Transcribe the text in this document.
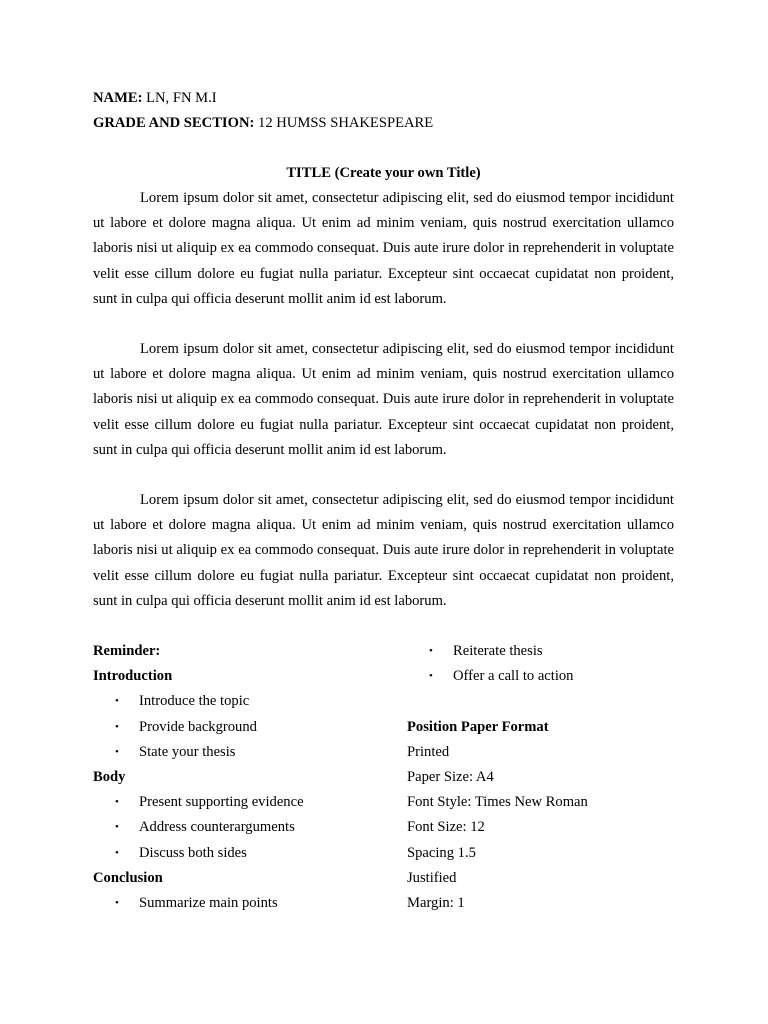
NAME: LN, FN M.I
GRADE AND SECTION: 12 HUMSS SHAKESPEARE
TITLE (Create your own Title)

Lorem ipsum dolor sit amet, consectetur adipiscing elit, sed do eiusmod tempor incididunt ut labore et dolore magna aliqua. Ut enim ad minim veniam, quis nostrud exercitation ullamco laboris nisi ut aliquip ex ea commodo consequat. Duis aute irure dolor in reprehenderit in voluptate velit esse cillum dolore eu fugiat nulla pariatur. Excepteur sint occaecat cupidatat non proident, sunt in culpa qui officia deserunt mollit anim id est laborum.

Lorem ipsum dolor sit amet, consectetur adipiscing elit, sed do eiusmod tempor incididunt ut labore et dolore magna aliqua. Ut enim ad minim veniam, quis nostrud exercitation ullamco laboris nisi ut aliquip ex ea commodo consequat. Duis aute irure dolor in reprehenderit in voluptate velit esse cillum dolore eu fugiat nulla pariatur. Excepteur sint occaecat cupidatat non proident, sunt in culpa qui officia deserunt mollit anim id est laborum.

Lorem ipsum dolor sit amet, consectetur adipiscing elit, sed do eiusmod tempor incididunt ut labore et dolore magna aliqua. Ut enim ad minim veniam, quis nostrud exercitation ullamco laboris nisi ut aliquip ex ea commodo consequat. Duis aute irure dolor in reprehenderit in voluptate velit esse cillum dolore eu fugiat nulla pariatur. Excepteur sint occaecat cupidatat non proident, sunt in culpa qui officia deserunt mollit anim id est laborum.

Reminder:
Introduction
• Introduce the topic
• Provide background
• State your thesis
Body
• Present supporting evidence
• Address counterarguments
• Discuss both sides
Conclusion
• Summarize main points
• Reiterate thesis
• Offer a call to action
Position Paper Format
Printed
Paper Size: A4
Font Style: Times New Roman
Font Size: 12
Spacing 1.5
Justified
Margin: 1
